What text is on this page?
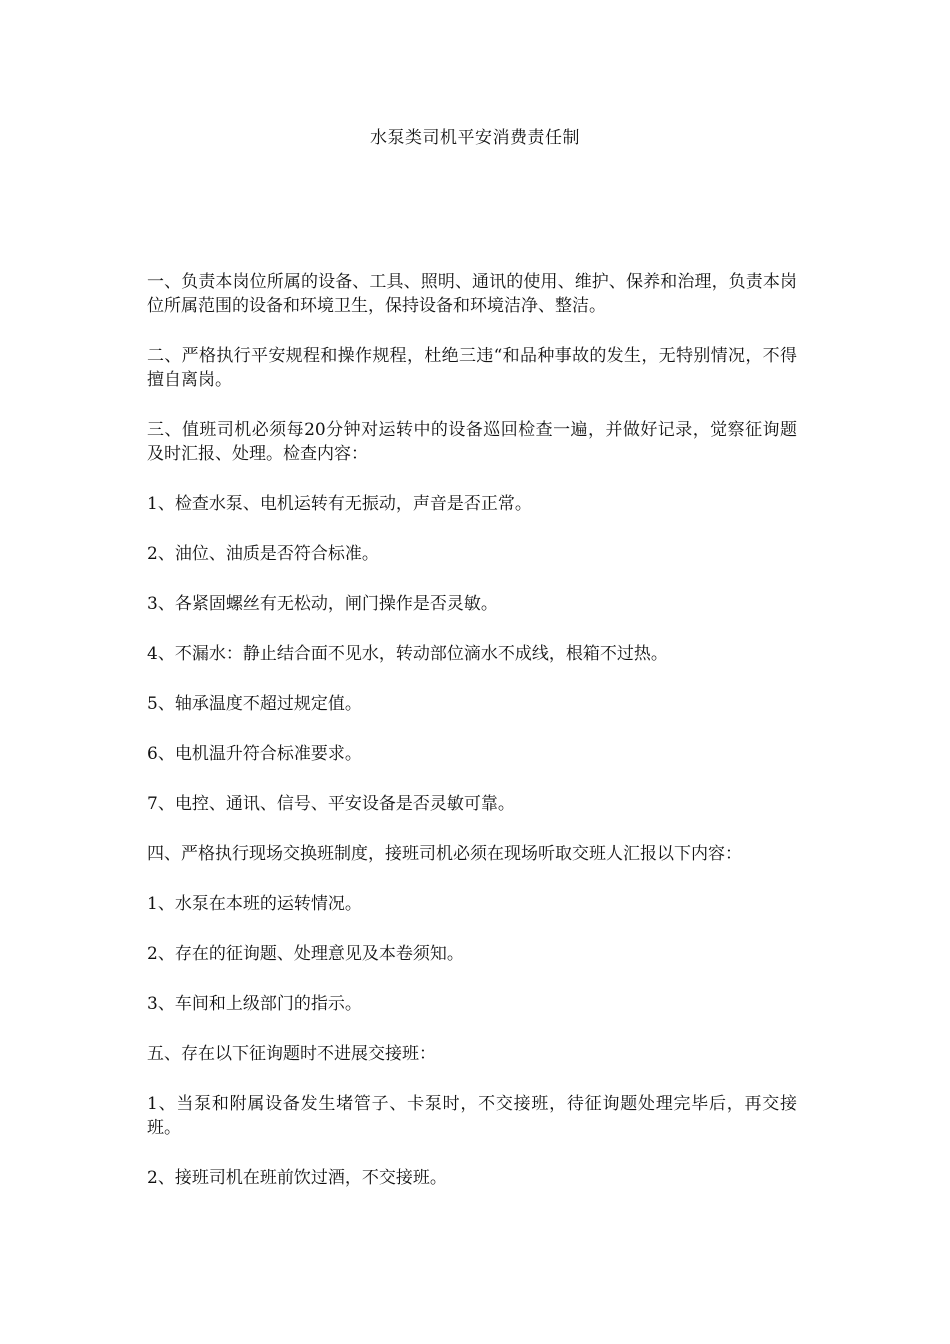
水泵类司机平安消费责任制

一、负责本岗位所属的设备、工具、照明、通讯的使用、维护、保养和治理，负责本岗位所属范围的设备和环境卫生，保持设备和环境洁净、整洁。

二、严格执行平安规程和操作规程，杜绝三违“和品种事故的发生，无特别情况，不得擅自离岗。

三、值班司机必须每20分钟对运转中的设备巡回检查一遍，并做好记录，觉察征询题及时汇报、处理。检查内容：

1、检查水泵、电机运转有无振动，声音是否正常。

2、油位、油质是否符合标准。

3、各紧固螺丝有无松动，闸门操作是否灵敏。

4、不漏水：静止结合面不见水，转动部位滴水不成线，根箱不过热。

5、轴承温度不超过规定值。

6、电机温升符合标准要求。

7、电控、通讯、信号、平安设备是否灵敏可靠。

四、严格执行现场交换班制度，接班司机必须在现场听取交班人汇报以下内容：

1、水泵在本班的运转情况。

2、存在的征询题、处理意见及本卷须知。

3、车间和上级部门的指示。

五、存在以下征询题时不进展交接班：

1、当泵和附属设备发生堵管子、卡泵时，不交接班，待征询题处理完毕后，再交接班。

2、接班司机在班前饮过酒，不交接班。
